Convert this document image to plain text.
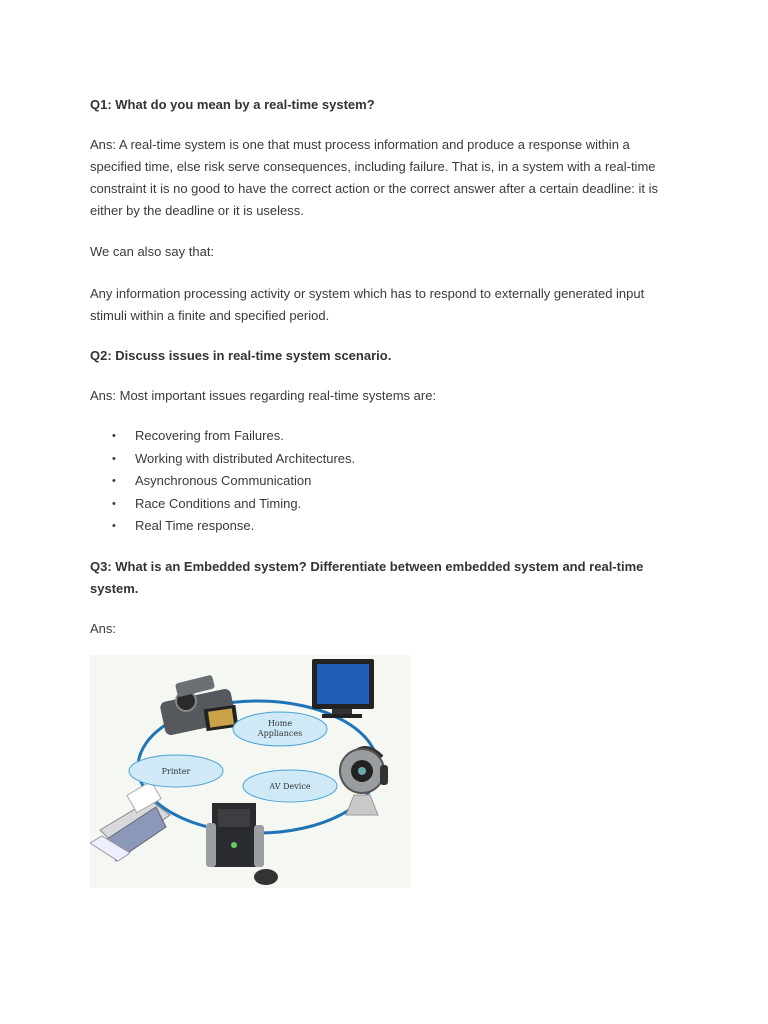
Q1: What do you mean by a real-time system?

Ans: A real-time system is one that must process information and produce a response within a specified time, else risk serve consequences, including failure. That is, in a system with a real-time constraint it is no good to have the correct action or the correct answer after a certain deadline: it is either by the deadline or it is useless.

We can also say that:

Any information processing activity or system which has to respond to externally generated input stimuli within a finite and specified period.

Q2: Discuss issues in real-time system scenario.

Ans: Most important issues regarding real-time systems are:

• Recovering from Failures.
• Working with distributed Architectures.
• Asynchronous Communication
• Race Conditions and Timing.
• Real Time response.

Q3: What is an Embedded system? Differentiate between embedded system and real-time system.

Ans:

Home
Appliances
Printer
AV Device
